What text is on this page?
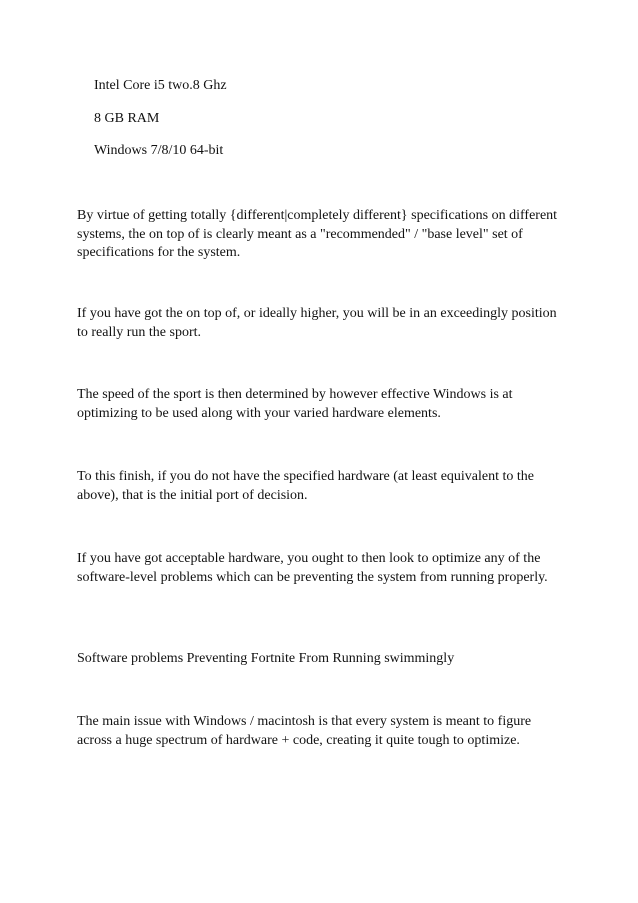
Intel Core i5 two.8 Ghz
8 GB RAM
Windows 7/8/10 64-bit

By virtue of getting totally {different|completely different} specifications on different systems, the on top of is clearly meant as a "recommended" / "base level" set of specifications for the system.

If you have got the on top of, or ideally higher, you will be in an exceedingly position to really run the sport.

The speed of the sport is then determined by however effective Windows is at optimizing to be used along with your varied hardware elements.

To this finish, if you do not have the specified hardware (at least equivalent to the above), that is the initial port of decision.

If you have got acceptable hardware, you ought to then look to optimize any of the software-level problems which can be preventing the system from running properly.

Software problems Preventing Fortnite From Running swimmingly

The main issue with Windows / macintosh is that every system is meant to figure across a huge spectrum of hardware + code, creating it quite tough to optimize.
